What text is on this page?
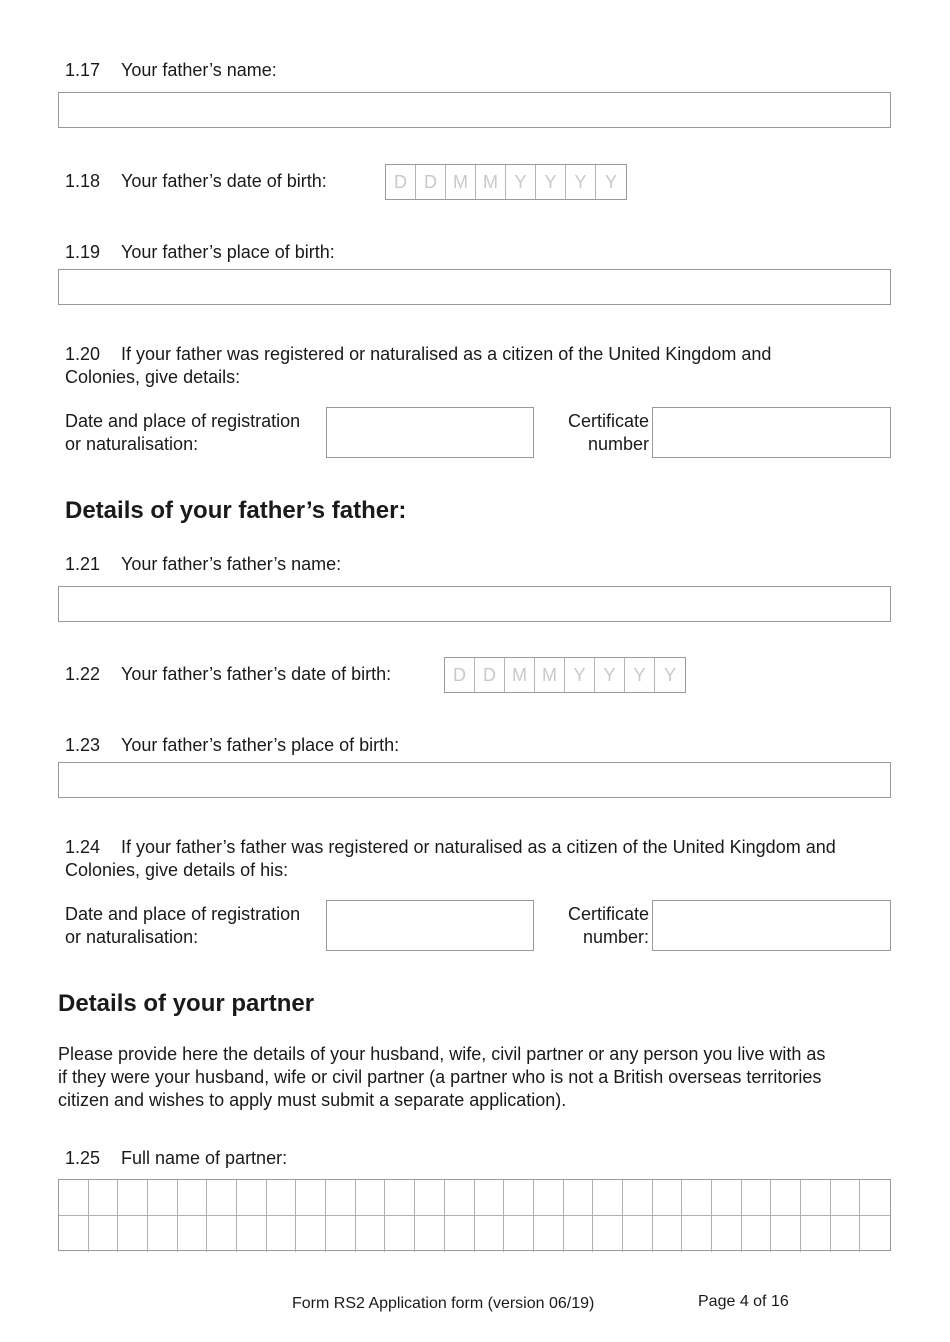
1.17 Your father’s name:
1.18 Your father’s date of birth:	D D M M Y Y Y	Y
1.19 Your father’s place of birth:
1.20 If your father was registered or naturalised as a citizen of the United Kingdom and
Colonies, give details:
Date and place of registration
or naturalisation:
Certificate
number
Details of your father’s father:
1.21 Your father’s father’s name:
1.22 Your father’s father’s date of birth:	D D M M Y Y Y	Y
1.23 Your father’s father’s place of birth:
1.24 If your father’s father was registered or naturalised as a citizen of the United Kingdom and
Colonies, give details of his:
Date and place of registration
or naturalisation:
Certificate
number:
Details of your partner
Please provide here the details of your husband, wife, civil partner or any person you live with as
if they were your husband, wife or civil partner (a partner who is not a British overseas territories
citizen and wishes to apply must submit a separate application).
1.25 Full name of partner:
Form RS2 Application form (version 06/19)	Page 4 of 16
